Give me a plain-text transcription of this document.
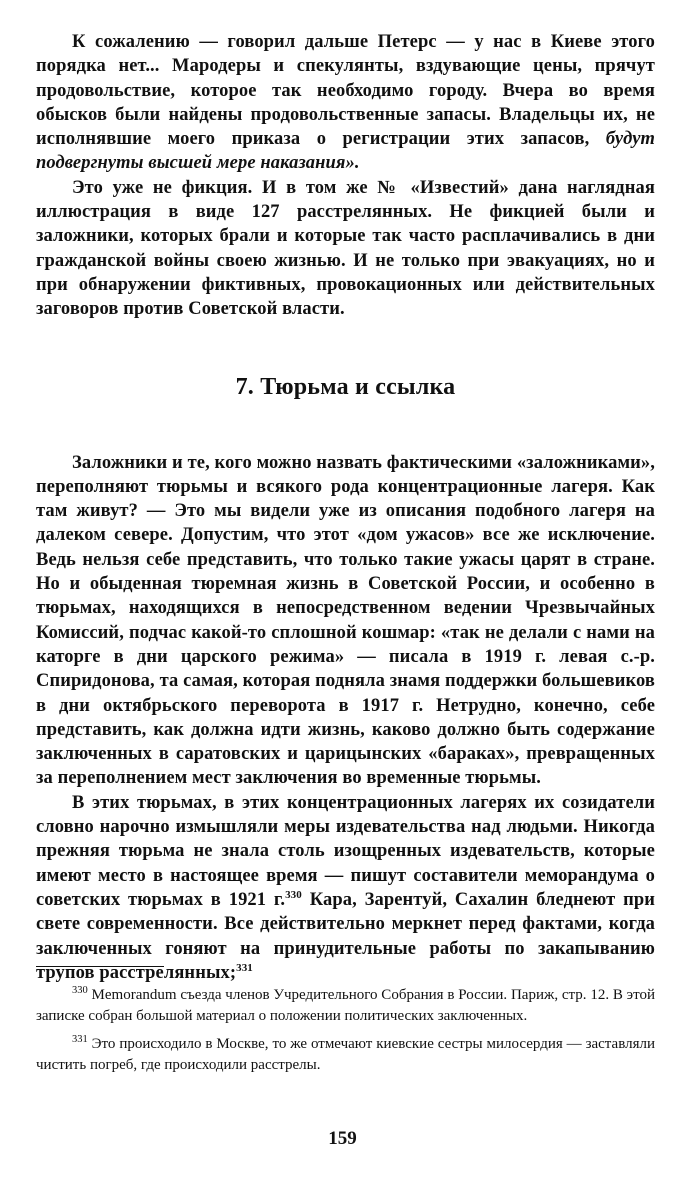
К сожалению — говорил дальше Петерс — у нас в Киеве этого порядка нет... Мародеры и спекулянты, вздувающие цены, прячут продовольствие, которое так необходимо городу. Вчера во время обысков были найдены продовольственные запасы. Владельцы их, не исполнявшие моего приказа о регистрации этих запасов, будут подвергнуты высшей мере наказания».

Это уже не фикция. И в том же № «Известий» дана наглядная иллюстрация в виде 127 расстрелянных. Не фикцией были и заложники, которых брали и которые так часто расплачивались в дни гражданской войны своею жизнью. И не только при эвакуациях, но и при обнаружении фиктивных, провокационных или действительных заговоров против Советской власти.

7. Тюрьма и ссылка

Заложники и те, кого можно назвать фактическими «заложниками», переполняют тюрьмы и всякого рода концентрационные лагеря. Как там живут? — Это мы видели уже из описания подобного лагеря на далеком севере. Допустим, что этот «дом ужасов» все же исключение. Ведь нельзя себе представить, что только такие ужасы царят в стране. Но и обыденная тюремная жизнь в Советской России, и особенно в тюрьмах, находящихся в непосредственном ведении Чрезвычайных Комиссий, подчас какой-то сплошной кошмар: «так не делали с нами на каторге в дни царского режима» — писала в 1919 г. левая с.-р. Спиридонова, та самая, которая подняла знамя поддержки большевиков в дни октябрьского переворота в 1917 г. Нетрудно, конечно, себе представить, как должна идти жизнь, каково должно быть содержание заключенных в саратовских и царицынских «бараках», превращенных за переполнением мест заключения во временные тюрьмы.

В этих тюрьмах, в этих концентрационных лагерях их созидатели словно нарочно измышляли меры издевательства над людьми. Никогда прежняя тюрьма не знала столь изощренных издевательств, которые имеют место в настоящее время — пишут составители меморандума о советских тюрьмах в 1921 г.$^{330}$ Кара, Зарентуй, Сахалин бледнеют при свете современности. Все действительно меркнет перед фактами, когда заключенных гоняют на принудительные работы по закапыванию трупов расстрелянных;$^{331}$

$^{330}$ Memorandum съезда членов Учредительного Собрания в России. Париж, стр. 12. В этой записке собран большой материал о положении политических заключенных.
$^{331}$ Это происходило в Москве, то же отмечают киевские сестры милосердия — заставляли чистить погреб, где происходили расстрелы.
159
